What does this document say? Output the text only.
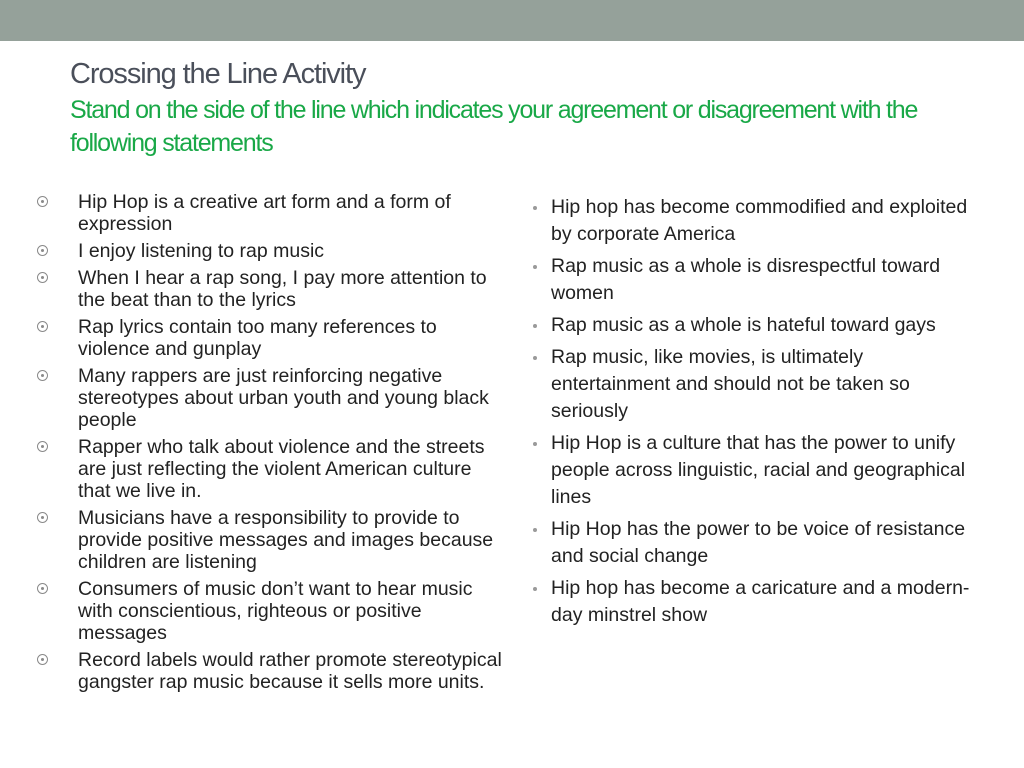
Crossing the Line Activity
Stand on the side of the line which indicates your agreement or disagreement with the following statements
Hip Hop is a creative art form and a form of expression
I enjoy listening to rap music
When I hear a rap song, I pay more attention to the beat than to the lyrics
Rap lyrics contain too many references to violence and gunplay
Many rappers are just reinforcing negative stereotypes about urban youth and young black people
Rapper who talk about violence and the streets are just reflecting the violent American culture that we live in.
Musicians have a responsibility to provide to provide positive messages and images because children are listening
Consumers of music don’t want to hear music with conscientious, righteous or positive messages
Record labels would rather promote stereotypical gangster rap music because it sells more units.
Hip hop has become commodified and exploited by corporate America
Rap music as a whole is disrespectful toward women
Rap music as a whole is hateful toward gays
Rap music, like movies, is ultimately entertainment and should not be taken so seriously
Hip Hop is a culture that has the power to unify people across linguistic, racial and geographical lines
Hip Hop has the power to be voice of resistance and social change
Hip hop has become a caricature and a modern-day minstrel show
